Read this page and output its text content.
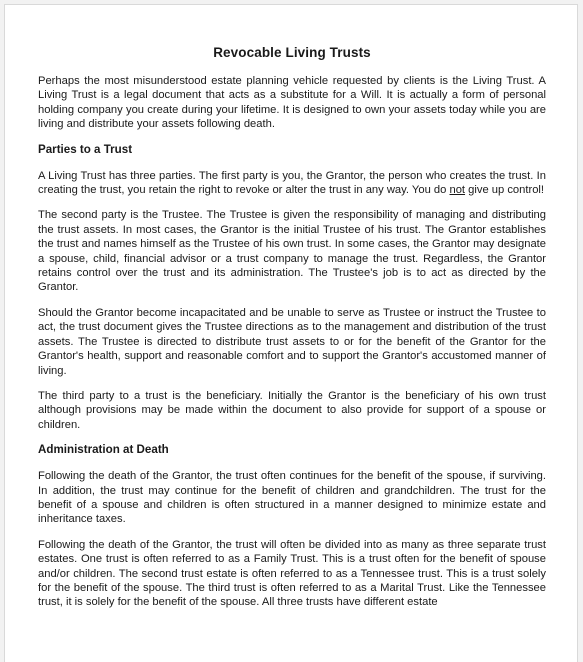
Revocable Living Trusts

Perhaps the most misunderstood estate planning vehicle requested by clients is the Living Trust. A Living Trust is a legal document that acts as a substitute for a Will. It is actually a form of personal holding company you create during your lifetime. It is designed to own your assets today while you are living and distribute your assets following death.

Parties to a Trust

A Living Trust has three parties. The first party is you, the Grantor, the person who creates the trust. In creating the trust, you retain the right to revoke or alter the trust in any way. You do not give up control!

The second party is the Trustee. The Trustee is given the responsibility of managing and distributing the trust assets. In most cases, the Grantor is the initial Trustee of his trust. The Grantor establishes the trust and names himself as the Trustee of his own trust. In some cases, the Grantor may designate a spouse, child, financial advisor or a trust company to manage the trust. Regardless, the Grantor retains control over the trust and its administration. The Trustee's job is to act as directed by the Grantor.

Should the Grantor become incapacitated and be unable to serve as Trustee or instruct the Trustee to act, the trust document gives the Trustee directions as to the management and distribution of the trust assets. The Trustee is directed to distribute trust assets to or for the benefit of the Grantor for the Grantor's health, support and reasonable comfort and to support the Grantor's accustomed manner of living.

The third party to a trust is the beneficiary. Initially the Grantor is the beneficiary of his own trust although provisions may be made within the document to also provide for support of a spouse or children.

Administration at Death

Following the death of the Grantor, the trust often continues for the benefit of the spouse, if surviving. In addition, the trust may continue for the benefit of children and grandchildren. The trust for the benefit of a spouse and children is often structured in a manner designed to minimize estate and inheritance taxes.

Following the death of the Grantor, the trust will often be divided into as many as three separate trust estates. One trust is often referred to as a Family Trust. This is a trust often for the benefit of spouse and/or children. The second trust estate is often referred to as a Tennessee trust. This is a trust solely for the benefit of the spouse. The third trust is often referred to as a Marital Trust. Like the Tennessee trust, it is solely for the benefit of the spouse. All three trusts have different estate
